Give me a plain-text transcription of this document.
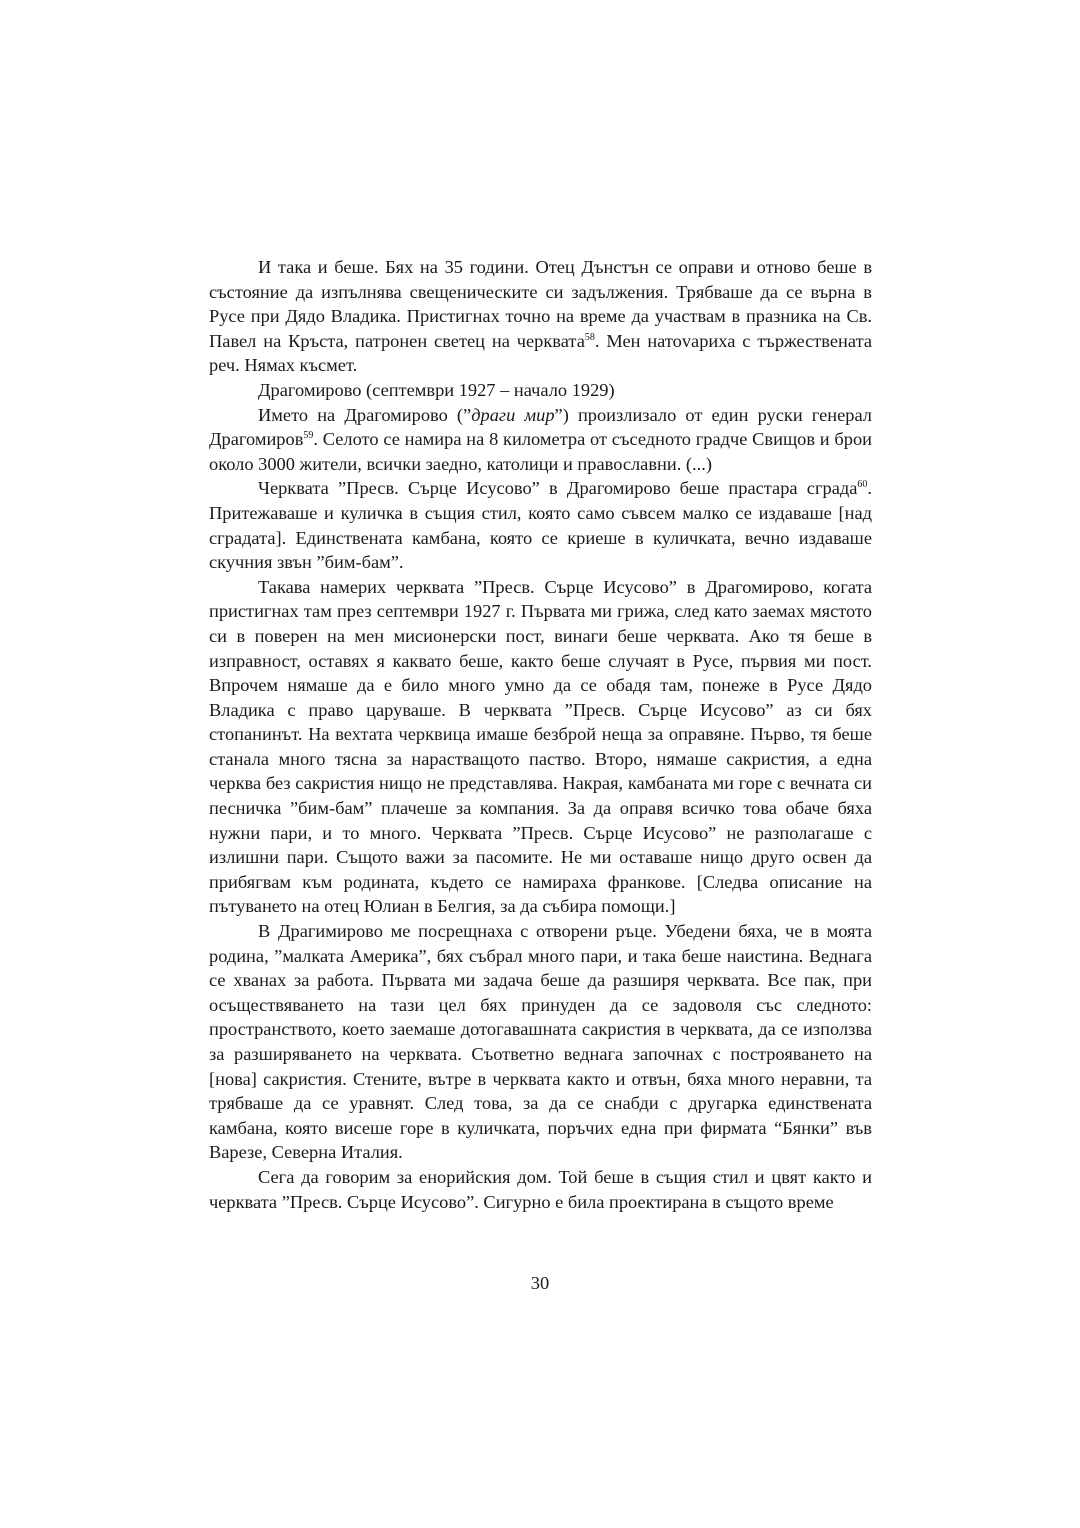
И така и беше. Бях на 35 години. Отец Дънстън се оправи и отново беше в състояние да изпълнява свещеническите си задължения. Трябваше да се върна в Русе при Дядо Владика. Пристигнах точно на време да участвам в празника на Св. Павел на Кръста, патронен светец на черквата$^{58}$. Мен натоvариха с тържествената реч. Нямах късмет.

Драгомирово (септември 1927 – начало 1929)

Името на Драгомирово (”драги мир”) произлизало от един руски генерал Драгомиров$^{59}$. Селото се намира на 8 километра от съседното градче Свищов и брои около 3000 жители, всички заедно, католици и православни. (...)

Черквата ”Пресв. Сърце Исусово” в Драгомирово беше прастара сграда$^{60}$. Притежаваше и куличка в същия стил, която само съвсем малко се издаваше [над сградата]. Единствената камбана, която се криеше в куличката, вечно издаваше скучния звън ”бим-бам”.

Такава намерих черквата ”Пресв. Сърце Исусово” в Драгомирово, когата пристигнах там през септември 1927 г. Първата ми грижа, след като заемах мястото си в поверен на мен мисионерски пост, винаги беше черквата. Ако тя беше в изправност, оставях я каквато беше, както беше случаят в Русе, първия ми пост. Впрочем нямаше да е било много умно да се обадя там, понеже в Русе Дядо Владика с право царуваше. В черквата ”Пресв. Сърце Исусово” аз си бях стопанинът. На вехтата черквица имаше безброй неща за оправяне. Първо, тя беше станала много тясна за нарастващото паство. Второ, нямаше сакристия, а една черква без сакристия нищо не представлява. Накрая, камбаната ми горе с вечната си песничка ”бим-бам” плачеше за компания. За да оправя всичко това обаче бяха нужни пари, и то много. Черквата ”Пресв. Сърце Исусово” не разполагаше с излишни пари. Същото важи за пасомите. Не ми оставаше нищо друго освен да прибягвам към родината, където се намираха франкове. [Следва описание на пътуването на отец Юлиан в Белгия, за да събира помощи.]

В Драгимирово ме посрещнаха с отворени ръце. Убедени бяха, че в моята родина, ”малката Америка”, бях събрал много пари, и така беше наистина. Веднага се хванах за работа. Първата ми задача беше да разширя черквата. Все пак, при осъществяването на тази цел бях принуден да се задоволя със следното: пространството, което заемаше дотогавашната сакристия в черквата, да се използва за разширяването на черквата. Съответно веднага започнах с построяването на [нова] сакристия. Стените, вътре в черквата както и отвън, бяха много неравни, та трябваше да се уравнят. След това, за да се снабди с другарка единствената камбана, която висеше горе в куличката, поръчих една при фирмата “Бянки” във Варезе, Северна Италия.

Сега да говорим за енорийския дом. Той беше в същия стил и цвят както и черквата ”Пресв. Сърце Исусово”. Сигурно е била проектирана в същото време

30
